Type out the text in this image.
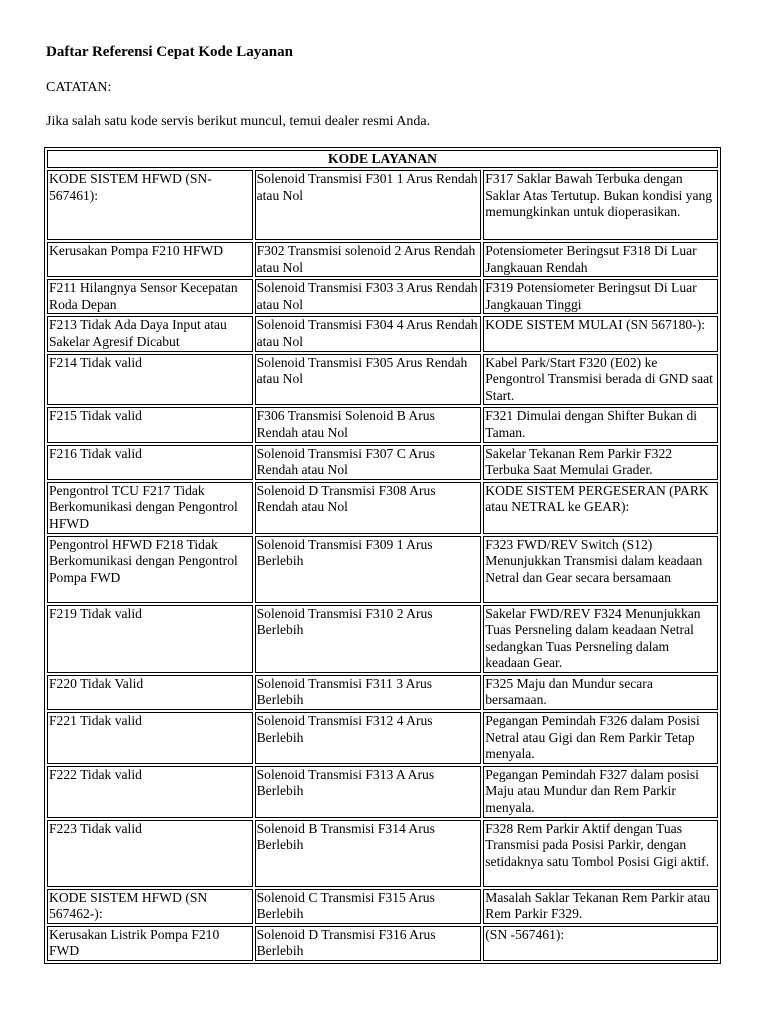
Daftar Referensi Cepat Kode Layanan
CATATAN:
Jika salah satu kode servis berikut muncul, temui dealer resmi Anda.
KODE LAYANAN		
KODE SISTEM HFWD (SN-567461):	Solenoid Transmisi F301 1 Arus Rendah atau Nol	F317 Saklar Bawah Terbuka dengan Saklar Atas Tertutup. Bukan kondisi yang memungkinkan untuk dioperasikan.
Kerusakan Pompa F210 HFWD	F302 Transmisi solenoid 2 Arus Rendah atau Nol	Potensiometer Beringsut F318 Di Luar Jangkauan Rendah
F211 Hilangnya Sensor Kecepatan Roda Depan	Solenoid Transmisi F303 3 Arus Rendah atau Nol	F319 Potensiometer Beringsut Di Luar Jangkauan Tinggi
F213 Tidak Ada Daya Input atau Sakelar Agresif Dicabut	Solenoid Transmisi F304 4 Arus Rendah atau Nol	KODE SISTEM MULAI (SN 567180-):
F214 Tidak valid	Solenoid Transmisi F305 Arus Rendah atau Nol	Kabel Park/Start F320 (E02) ke Pengontrol Transmisi berada di GND saat Start.
F215 Tidak valid	F306 Transmisi Solenoid B Arus Rendah atau Nol	F321 Dimulai dengan Shifter Bukan di Taman.
F216 Tidak valid	Solenoid Transmisi F307 C Arus Rendah atau Nol	Sakelar Tekanan Rem Parkir F322 Terbuka Saat Memulai Grader.
Pengontrol TCU F217 Tidak Berkomunikasi dengan Pengontrol HFWD	Solenoid D Transmisi F308 Arus Rendah atau Nol	KODE SISTEM PERGESERAN (PARK atau NETRAL ke GEAR):
Pengontrol HFWD F218 Tidak Berkomunikasi dengan Pengontrol Pompa FWD	Solenoid Transmisi F309 1 Arus Berlebih	F323 FWD/REV Switch (S12) Menunjukkan Transmisi dalam keadaan Netral dan Gear secara bersamaan
F219 Tidak valid	Solenoid Transmisi F310 2 Arus Berlebih	Sakelar FWD/REV F324 Menunjukkan Tuas Persneling dalam keadaan Netral sedangkan Tuas Persneling dalam keadaan Gear.
F220 Tidak Valid	Solenoid Transmisi F311 3 Arus Berlebih	F325 Maju dan Mundur secara bersamaan.
F221 Tidak valid	Solenoid Transmisi F312 4 Arus Berlebih	Pegangan Pemindah F326 dalam Posisi Netral atau Gigi dan Rem Parkir Tetap menyala.
F222 Tidak valid	Solenoid Transmisi F313 A Arus Berlebih	Pegangan Pemindah F327 dalam posisi Maju atau Mundur dan Rem Parkir menyala.
F223 Tidak valid	Solenoid B Transmisi F314 Arus Berlebih	F328 Rem Parkir Aktif dengan Tuas Transmisi pada Posisi Parkir, dengan setidaknya satu Tombol Posisi Gigi aktif.
KODE SISTEM HFWD (SN 567462-):	Solenoid C Transmisi F315 Arus Berlebih	Masalah Saklar Tekanan Rem Parkir atau Rem Parkir F329.
Kerusakan Listrik Pompa F210 FWD	Solenoid D Transmisi F316 Arus Berlebih	(SN -567461):
